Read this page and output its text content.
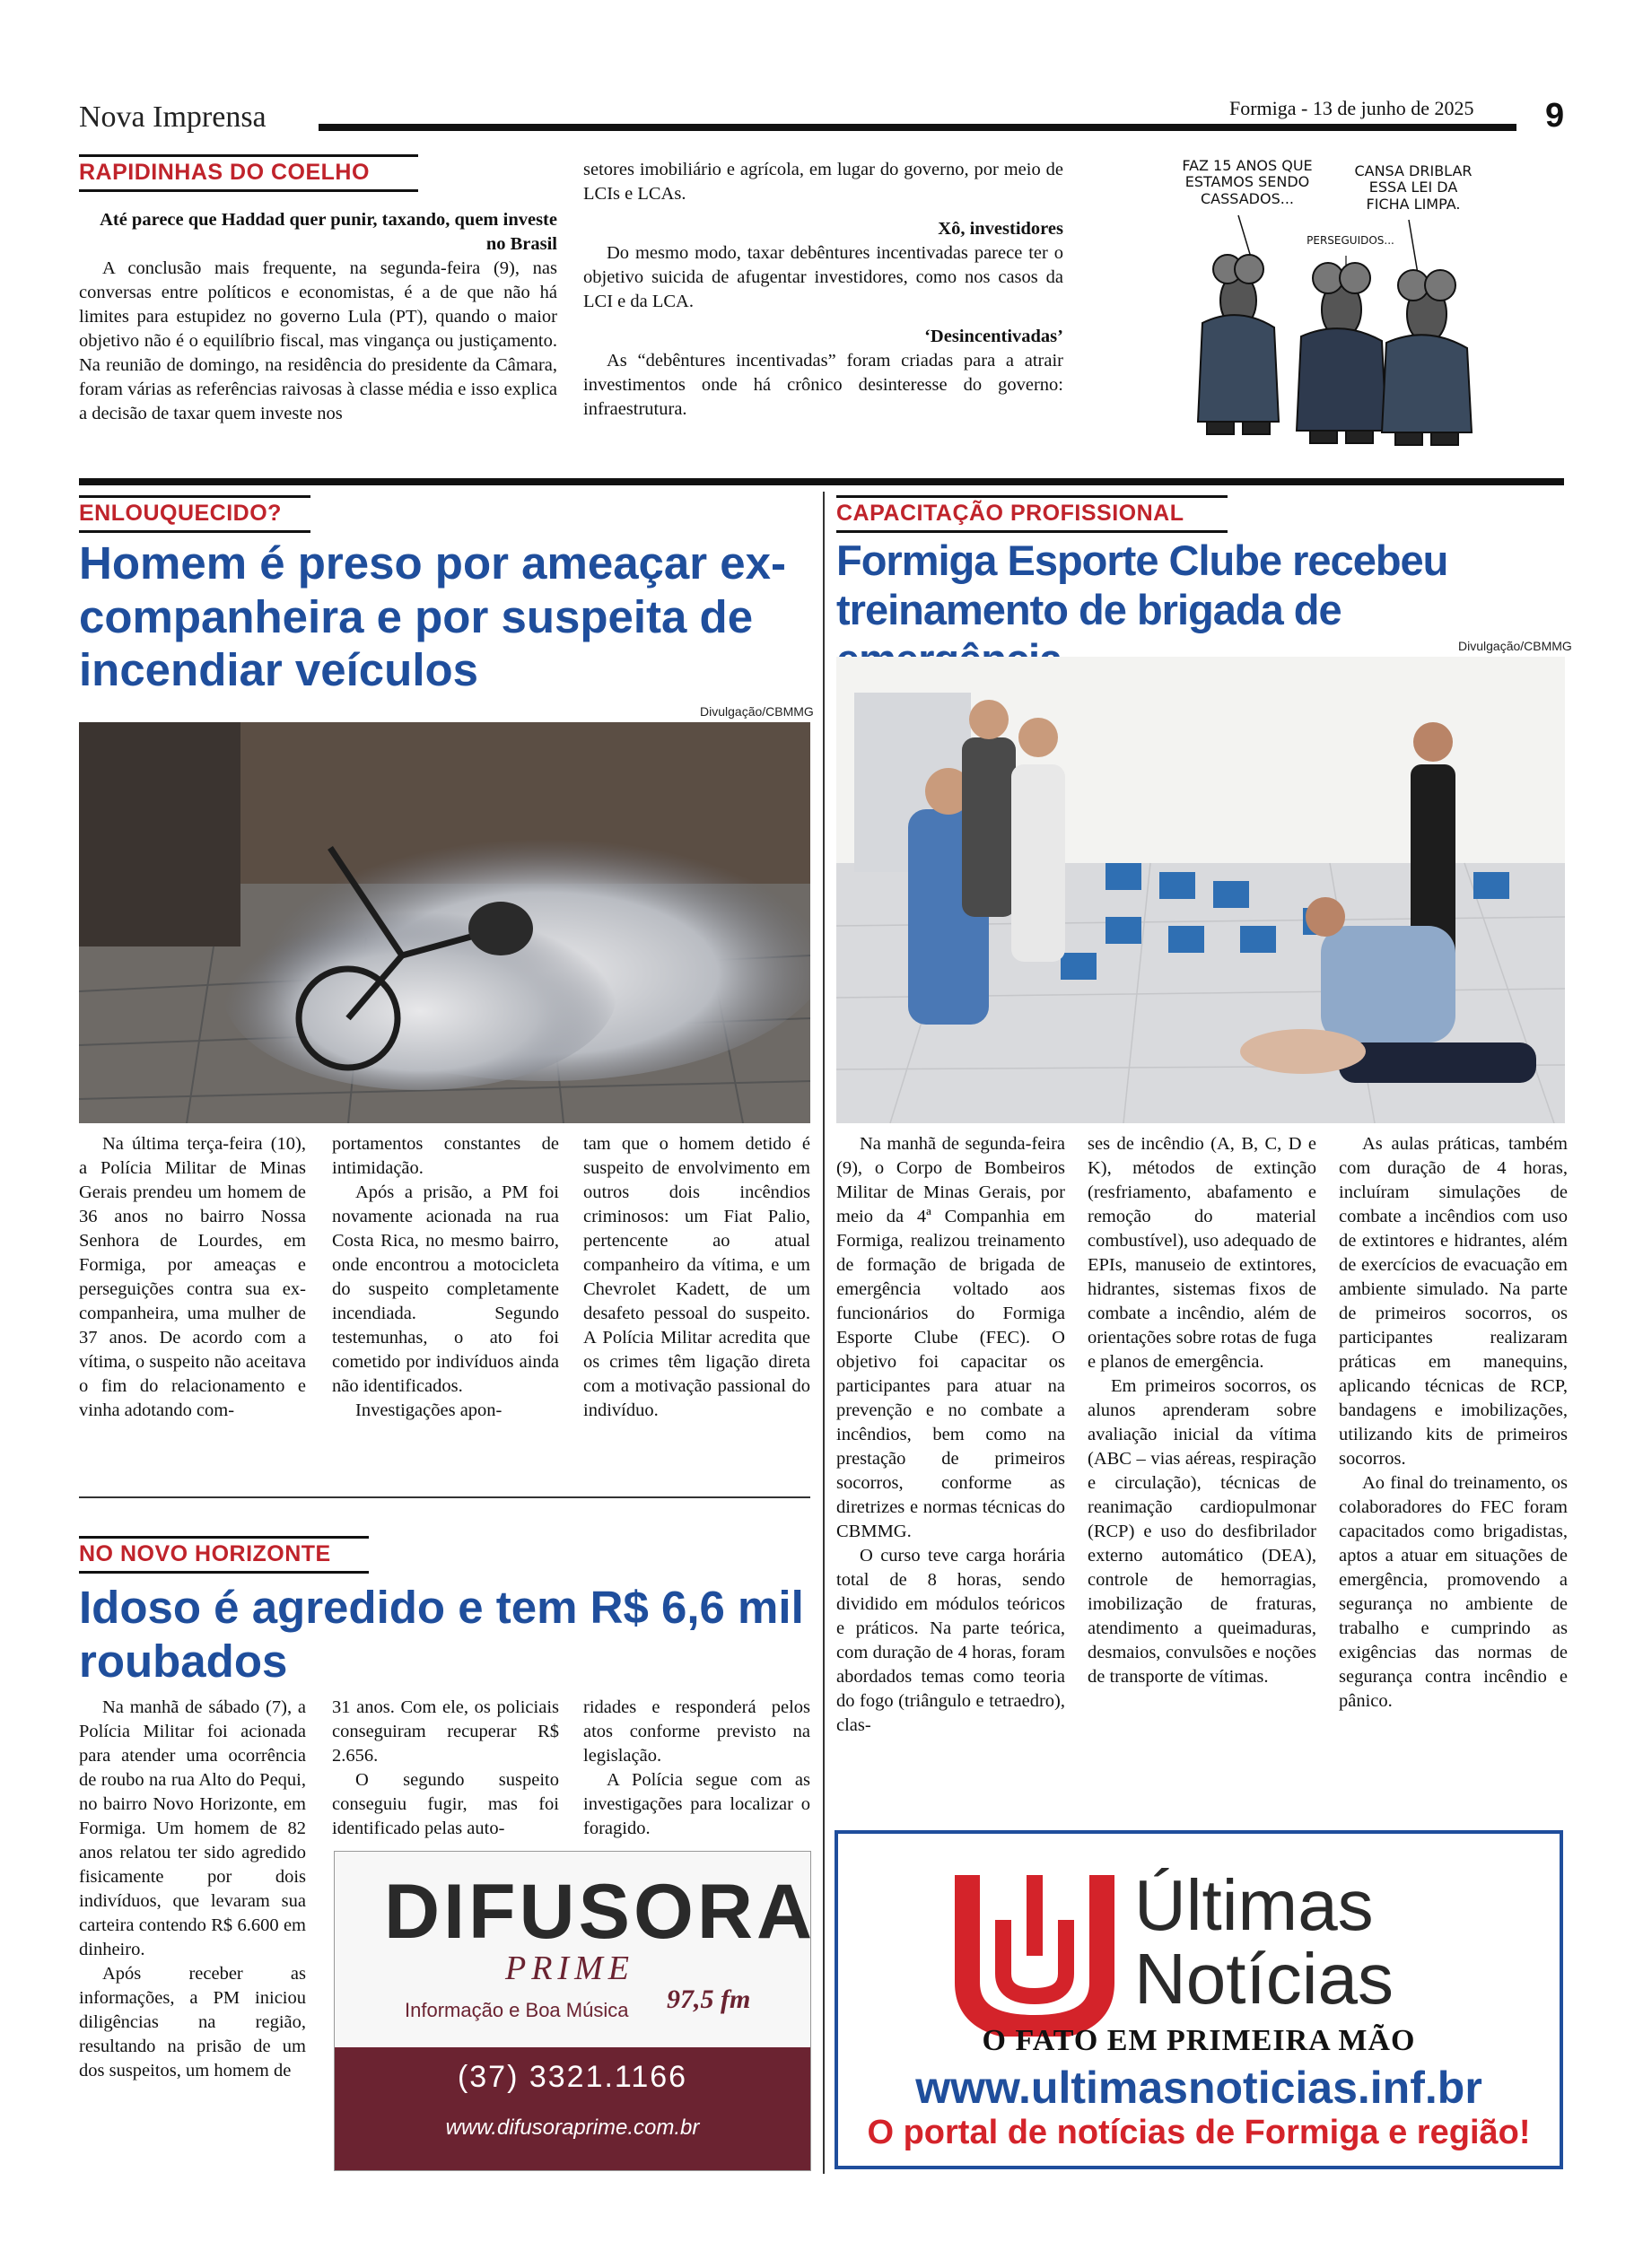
Nova Imprensa	Formiga - 13 de junho de 2025 9
RAPIDINHAS DO COELHO

Até parece que Haddad quer punir, taxando, quem investe no Brasil

A conclusão mais frequente, na segunda-feira (9), nas conversas entre políticos e economistas, é a de que não há limites para estupidez no governo Lula (PT), quando o maior objetivo não é o equilíbrio fiscal, mas vingança ou justiçamento. Na reunião de domingo, na residência do presidente da Câmara, foram várias as referências raivosas à classe média e isso explica a decisão de taxar quem investe nos

setores imobiliário e agrícola, em lugar do governo, por meio de LCIs e LCAs.

Xô, investidores

Do mesmo modo, taxar debêntures incentivadas parece ter o objetivo suicida de afugentar investidores, como nos casos da LCI e da LCA.

‘Desincentivadas’

As “debêntures incentivadas” foram criadas para a atrair investimentos onde há crônico desinteresse do governo: infraestrutura.

FAZ 15 ANOS QUE ESTAMOS SENDO CASSADOS...
CANSA DRIBLAR ESSA LEI DA FICHA LIMPA.
PERSEGUIDOS...
ENLOUQUECIDO?
Homem é preso por ameaçar ex-companheira e por suspeita de incendiar veículos
Divulgação/CBMMG

Na última terça-feira (10), a Polícia Militar de Minas Gerais prendeu um homem de 36 anos no bairro Nossa Senhora de Lourdes, em Formiga, por ameaças e perseguições contra sua ex-companheira, uma mulher de 37 anos. De acordo com a vítima, o suspeito não aceitava o fim do relacionamento e vinha adotando com-

portamentos constantes de intimidação.

Após a prisão, a PM foi novamente acionada na rua Costa Rica, no mesmo bairro, onde encontrou a motocicleta do suspeito completamente incendiada. Segundo testemunhas, o ato foi cometido por indivíduos ainda não identificados.

Investigações apon-

tam que o homem detido é suspeito de envolvimento em outros dois incêndios criminosos: um Fiat Palio, pertencente ao atual companheiro da vítima, e um Chevrolet Kadett, de um desafeto pessoal do suspeito. A Polícia Militar acredita que os crimes têm ligação direta com a motivação passional do indivíduo.

NO NOVO HORIZONTE
Idoso é agredido e tem R$ 6,6 mil roubados

Na manhã de sábado (7), a Polícia Militar foi acionada para atender uma ocorrência de roubo na rua Alto do Pequi, no bairro Novo Horizonte, em Formiga. Um homem de 82 anos relatou ter sido agredido fisicamente por dois indivíduos, que levaram sua carteira contendo R$ 6.600 em dinheiro.

Após receber as informações, a PM iniciou diligências na região, resultando na prisão de um dos suspeitos, um homem de

31 anos. Com ele, os policiais conseguiram recuperar R$ 2.656.

O segundo suspeito conseguiu fugir, mas foi identificado pelas auto-

ridades e responderá pelos atos conforme previsto na legislação.

A Polícia segue com as investigações para localizar o foragido.

DIFUSORA
PRIME
97,5 fm
Informação e Boa Música
(37) 3321.1166
www.difusoraprime.com.br
CAPACITAÇÃO PROFISSIONAL
Formiga Esporte Clube recebeu treinamento de brigada de
Divulgação/CBMMG

Na manhã de segunda-feira (9), o Corpo de Bombeiros Militar de Minas Gerais, por meio da 4ª Companhia em Formiga, realizou treinamento de formação de brigada de emergência voltado aos funcionários do Formiga Esporte Clube (FEC). O objetivo foi capacitar os participantes para atuar na prevenção e no combate a incêndios, bem como na prestação de primeiros socorros, conforme as diretrizes e normas técnicas do CBMMG.

O curso teve carga horária total de 8 horas, sendo dividido em módulos teóricos e práticos. Na parte teórica, com duração de 4 horas, foram abordados temas como teoria do fogo (triângulo e tetraedro), clas-

ses de incêndio (A, B, C, D e K), métodos de extinção (resfriamento, abafamento e remoção do material combustível), uso adequado de EPIs, manuseio de extintores, hidrantes, sistemas fixos de combate a incêndio, além de orientações sobre rotas de fuga e planos de emergência.

Em primeiros socorros, os alunos aprenderam sobre avaliação inicial da vítima (ABC – vias aéreas, respiração e circulação), técnicas de reanimação cardiopulmonar (RCP) e uso do desfibrilador externo automático (DEA), controle de hemorragias, imobilização de fraturas, atendimento a queimaduras, desmaios, convulsões e noções de transporte de vítimas.

As aulas práticas, também com duração de 4 horas, incluíram simulações de combate a incêndios com uso de extintores e hidrantes, além de exercícios de evacuação em ambiente simulado. Na parte de primeiros socorros, os participantes realizaram práticas em manequins, aplicando técnicas de RCP, bandagens e imobilizações, utilizando kits de primeiros socorros.

Ao final do treinamento, os colaboradores do FEC foram capacitados como brigadistas, aptos a atuar em situações de emergência, promovendo a segurança no ambiente de trabalho e cumprindo as exigências das normas de segurança contra incêndio e pânico.

Últimas
Notícias
O FATO EM PRIMEIRA MÃO
www.ultimasnoticias.inf.br
O portal de notícias de Formiga e região!
